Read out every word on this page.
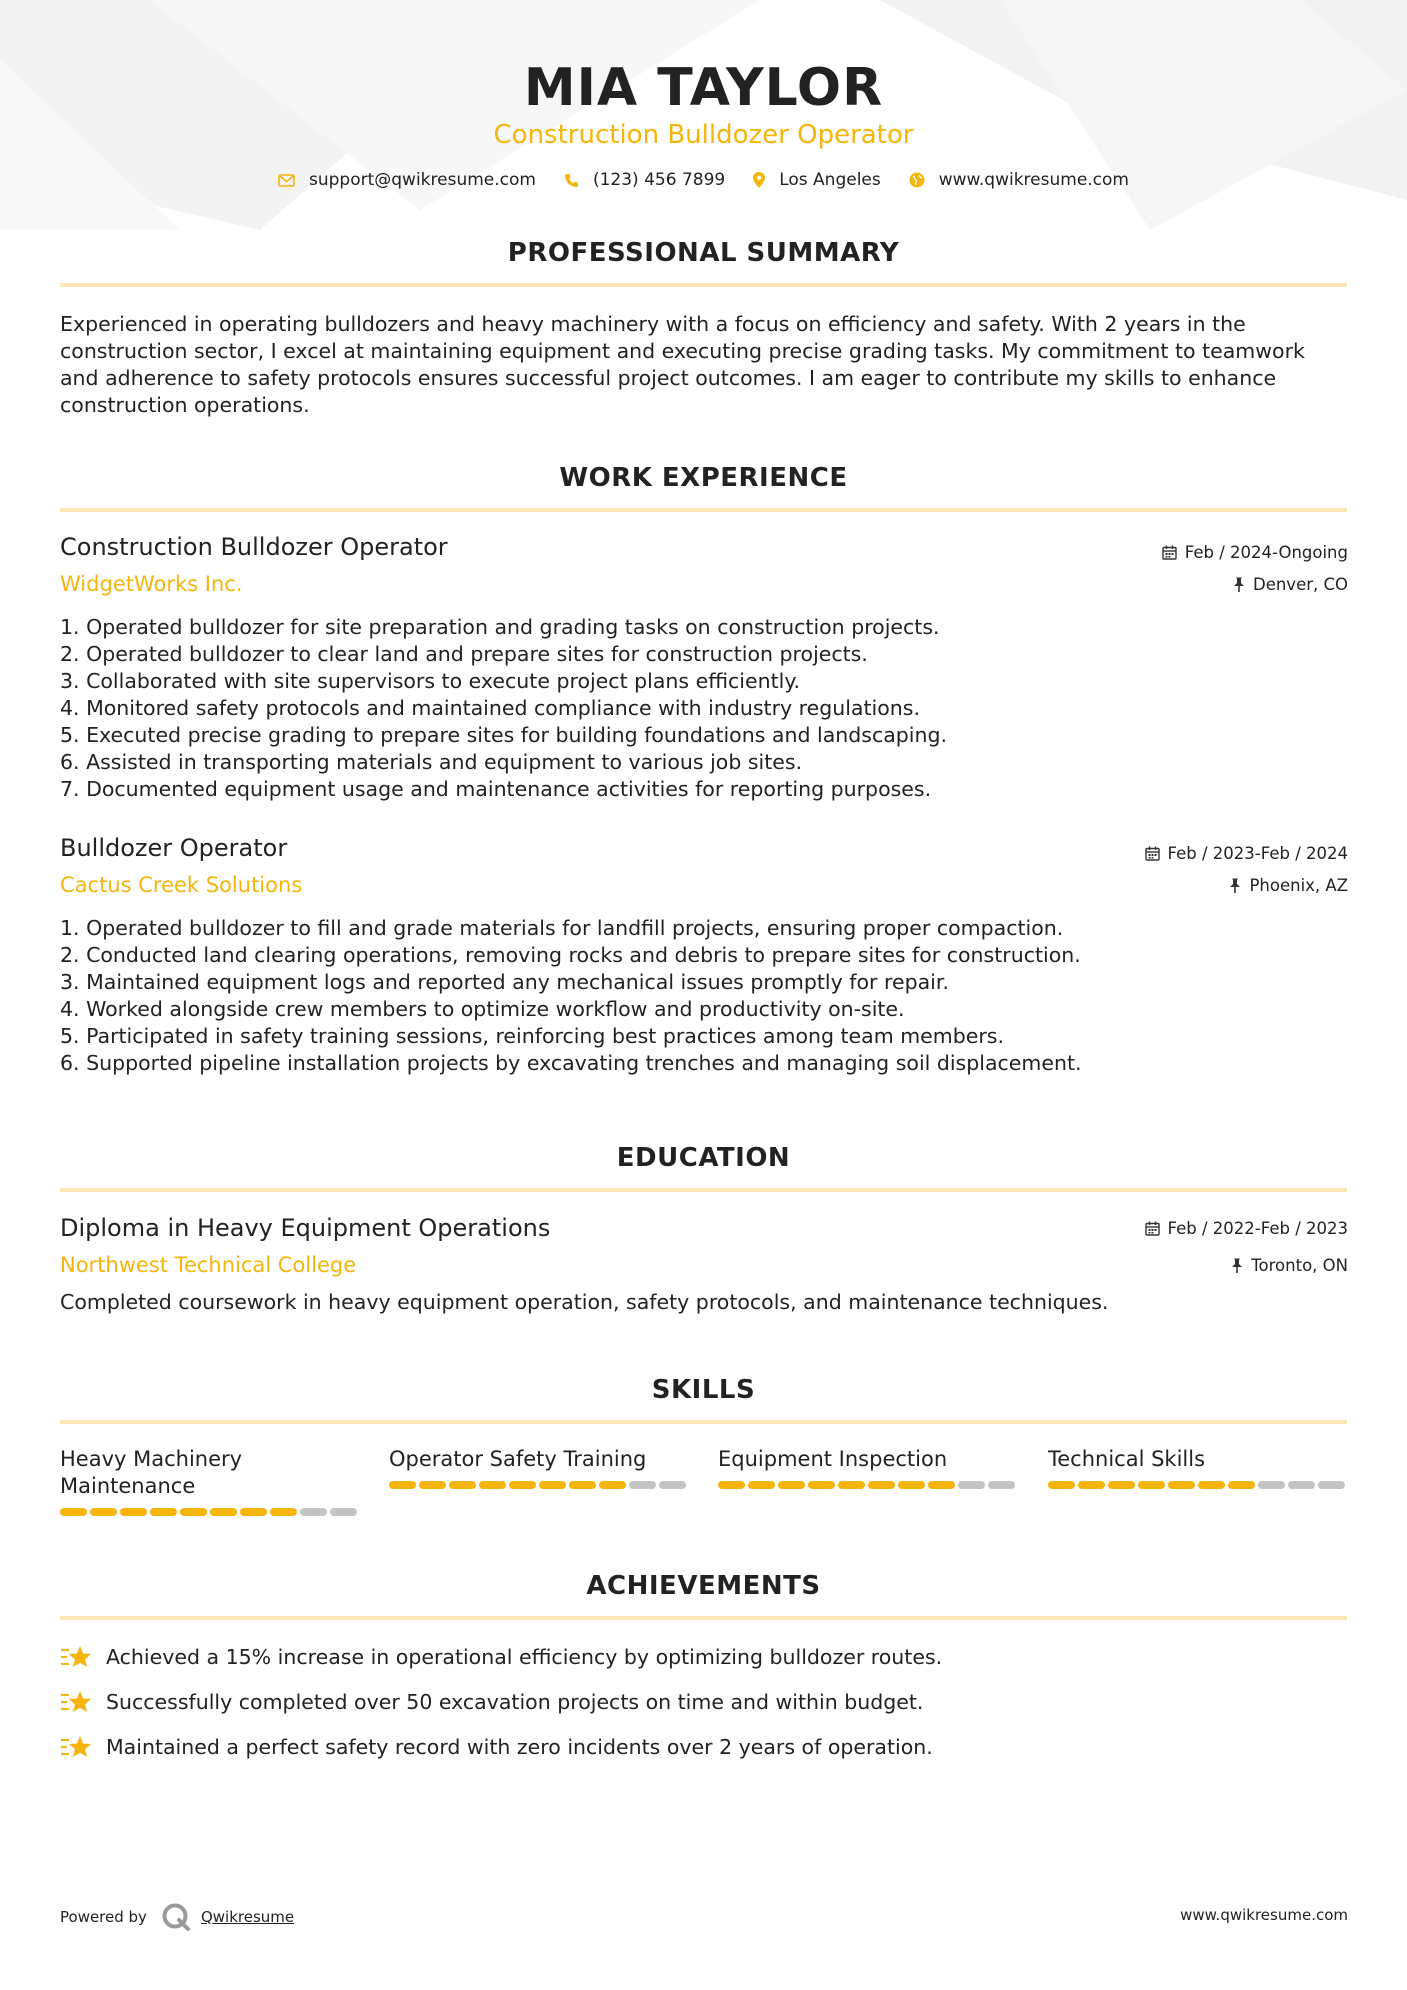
MIA TAYLOR
Construction Bulldozer Operator
support@qwikresume.com	(123) 456 7899	Los Angeles	www.qwikresume.com
PROFESSIONAL SUMMARY
Experienced in operating bulldozers and heavy machinery with a focus on efficiency and safety. With 2 years in the
construction sector, I excel at maintaining equipment and executing precise grading tasks. My commitment to teamwork
and adherence to safety protocols ensures successful project outcomes. I am eager to contribute my skills to enhance
construction operations.
WORK EXPERIENCE
Construction Bulldozer Operator	Feb / 2024-Ongoing
WidgetWorks Inc.	Denver, CO
1. Operated bulldozer for site preparation and grading tasks on construction projects.
2. Operated bulldozer to clear land and prepare sites for construction projects.
3. Collaborated with site supervisors to execute project plans efficiently.
4. Monitored safety protocols and maintained compliance with industry regulations.
5. Executed precise grading to prepare sites for building foundations and landscaping.
6. Assisted in transporting materials and equipment to various job sites.
7. Documented equipment usage and maintenance activities for reporting purposes.
Bulldozer Operator	Feb / 2023-Feb / 2024
Cactus Creek Solutions	Phoenix, AZ
1. Operated bulldozer to fill and grade materials for landfill projects, ensuring proper compaction.
2. Conducted land clearing operations, removing rocks and debris to prepare sites for construction.
3. Maintained equipment logs and reported any mechanical issues promptly for repair.
4. Worked alongside crew members to optimize workflow and productivity on-site.
5. Participated in safety training sessions, reinforcing best practices among team members.
6. Supported pipeline installation projects by excavating trenches and managing soil displacement.
EDUCATION
Diploma in Heavy Equipment Operations	Feb / 2022-Feb / 2023
Northwest Technical College	Toronto, ON
Completed coursework in heavy equipment operation, safety protocols, and maintenance techniques.
SKILLS
Heavy Machinery
Maintenance
Operator Safety Training	Equipment Inspection	Technical Skills
ACHIEVEMENTS
Achieved a 15% increase in operational efficiency by optimizing bulldozer routes.
Successfully completed over 50 excavation projects on time and within budget.
Maintained a perfect safety record with zero incidents over 2 years of operation.
Powered by	Qwikresume	www.qwikresume.com
